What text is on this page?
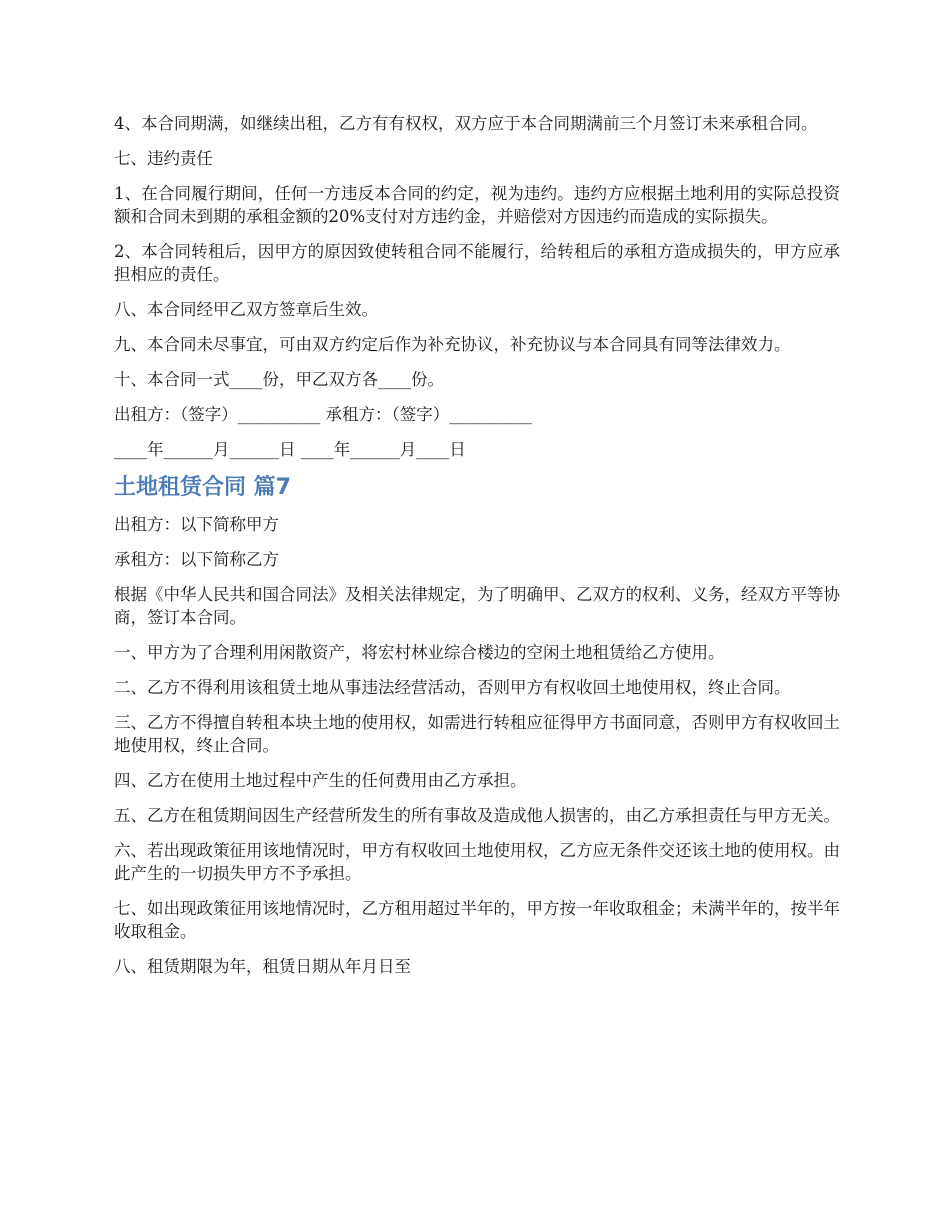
4、本合同期满，如继续出租，乙方有有权权，双方应于本合同期满前三个月签订未来承租合同。

七、违约责任

1、在合同履行期间，任何一方违反本合同的约定，视为违约。违约方应根据土地利用的实际总投资额和合同未到期的承租金额的20%支付对方违约金，并赔偿对方因违约而造成的实际损失。

2、本合同转租后，因甲方的原因致使转租合同不能履行，给转租后的承租方造成损失的，甲方应承担相应的责任。

八、本合同经甲乙双方签章后生效。

九、本合同未尽事宜，可由双方约定后作为补充协议，补充协议与本合同具有同等法律效力。

十、本合同一式____份，甲乙双方各____份。

出租方：（签字）__________ 承租方：（签字）__________

____年______月______日 ____年______月____日

土地租赁合同 篇7

出租方：以下简称甲方

承租方：以下简称乙方

根据《中华人民共和国合同法》及相关法律规定，为了明确甲、乙双方的权利、义务，经双方平等协商，签订本合同。

一、甲方为了合理利用闲散资产，将宏村林业综合楼边的空闲土地租赁给乙方使用。

二、乙方不得利用该租赁土地从事违法经营活动，否则甲方有权收回土地使用权，终止合同。

三、乙方不得擅自转租本块土地的使用权，如需进行转租应征得甲方书面同意，否则甲方有权收回土地使用权，终止合同。

四、乙方在使用土地过程中产生的任何费用由乙方承担。

五、乙方在租赁期间因生产经营所发生的所有事故及造成他人损害的，由乙方承担责任与甲方无关。

六、若出现政策征用该地情况时，甲方有权收回土地使用权，乙方应无条件交还该土地的使用权。由此产生的一切损失甲方不予承担。

七、如出现政策征用该地情况时，乙方租用超过半年的，甲方按一年收取租金；未满半年的，按半年收取租金。

八、租赁期限为年，租赁日期从年月日至
